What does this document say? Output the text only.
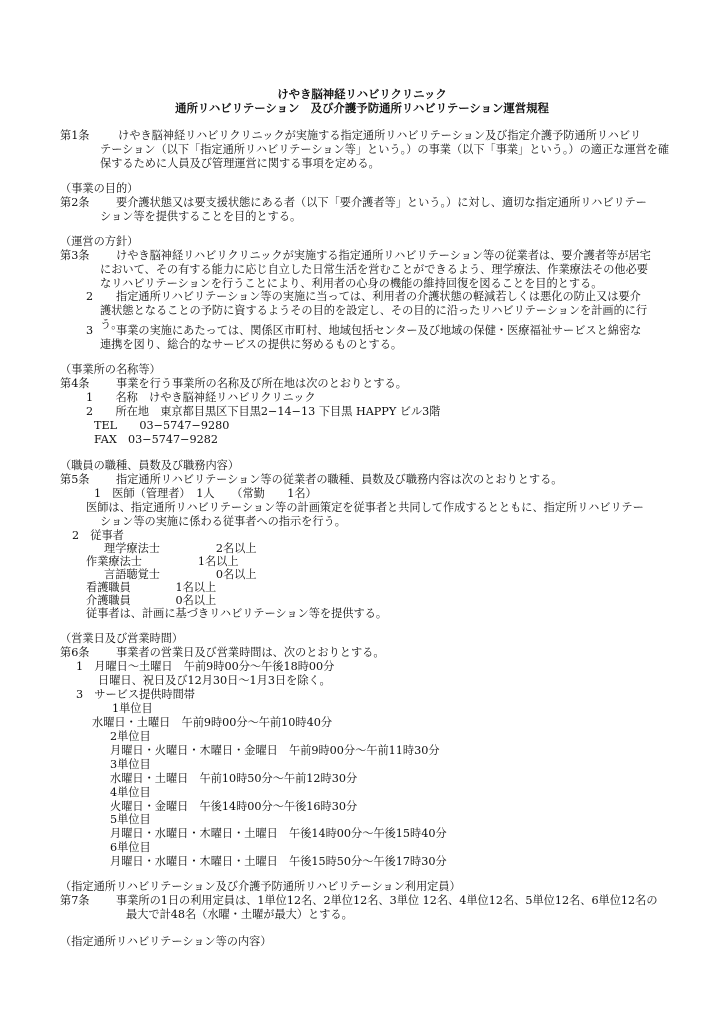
けやき脳神経リハビリクリニック
通所リハビリテーション　及び介護予防通所リハビリテーション運営規程
第1条	けやき脳神経リハビリクリニックが実施する指定通所リハビリテーション及び指定介護予防通所リハビリ
テーション（以下「指定通所リハビリテーション等」という。）の事業（以下「事業」という。）の適正な運営を確
保するために人員及び管理運営に関する事項を定める。
（事業の目的）
第2条 要介護状態又は要支援状態にある者（以下「要介護者等」という。）に対し、適切な指定通所リハビリテー
ション等を提供することを目的とする。
（運営の方針）
第3条 けやき脳神経リハビリクリニックが実施する指定通所リハビリテーション等の従業者は、要介護者等が居宅
において、その有する能力に応じ自立した日常生活を営むことができるよう、理学療法、作業療法その他必要
なリハビリテーションを行うことにより、利用者の心身の機能の維持回復を図ることを目的とする。
2 指定通所リハビリテーション等の実施に当っては、利用者の介護状態の軽減若しくは悪化の防止又は要介
護状態となることの予防に資するようその目的を設定し、その目的に沿ったリハビリテーションを計画的に行
う。
3 事業の実施にあたっては、関係区市町村、地域包括センター及び地域の保健・医療福祉サービスと綿密な
連携を図り、総合的なサービスの提供に努めるものとする。
（事業所の名称等）
第4条 事業を行う事業所の名称及び所在地は次のとおりとする。
1　　名称　けやき脳神経リハビリクリニック
2　　所在地　東京都目黒区下目黒2−14−13 下目黒 HAPPY ビル3階
TEL　　03−5747−9280
FAX　03−5747−9282
（職員の職種、員数及び職務内容）
第5条 指定通所リハビリテーション等の従業者の職種、員数及び職務内容は次のとおりとする。
1　医師（管理者）　1人　　（常勤　　1名）
医師は、指定通所リハビリテーション等の計画策定を従事者と共同して作成するとともに、指定所リハビリテー
ション等の実施に係わる従事者への指示を行う。
2　従事者
理学療法士　　　　　2名以上
作業療法士　　　　　1名以上
言語聴覚士　　　　　0名以上
看護職員　　　　1名以上
介護職員　　　　0名以上
従事者は、計画に基づきリハビリテーション等を提供する。
（営業日及び営業時間）
第6条 事業者の営業日及び営業時間は、次のとおりとする。
1　月曜日～土曜日　午前9時00分～午後18時00分
日曜日、祝日及び12月30日～1月3日を除く。
3　サービス提供時間帯
1単位目
水曜日・土曜日　午前9時00分～午前10時40分
2単位目
月曜日・火曜日・木曜日・金曜日　午前9時00分～午前11時30分
3単位目
水曜日・土曜日　午前10時50分～午前12時30分
4単位目
火曜日・金曜日　午後14時00分～午後16時30分
5単位目
月曜日・水曜日・木曜日・土曜日　午後14時00分～午後15時40分
6単位目
月曜日・水曜日・木曜日・土曜日　午後15時50分～午後17時30分
（指定通所リハビリテーション及び介護予防通所リハビリテーション利用定員）
第7条 事業所の1日の利用定員は、1単位12名、2単位12名、3単位 12名、4単位12名、5単位12名、6単位12名の
最大で計48名（水曜・土曜が最大）とする。
（指定通所リハビリテーション等の内容）
